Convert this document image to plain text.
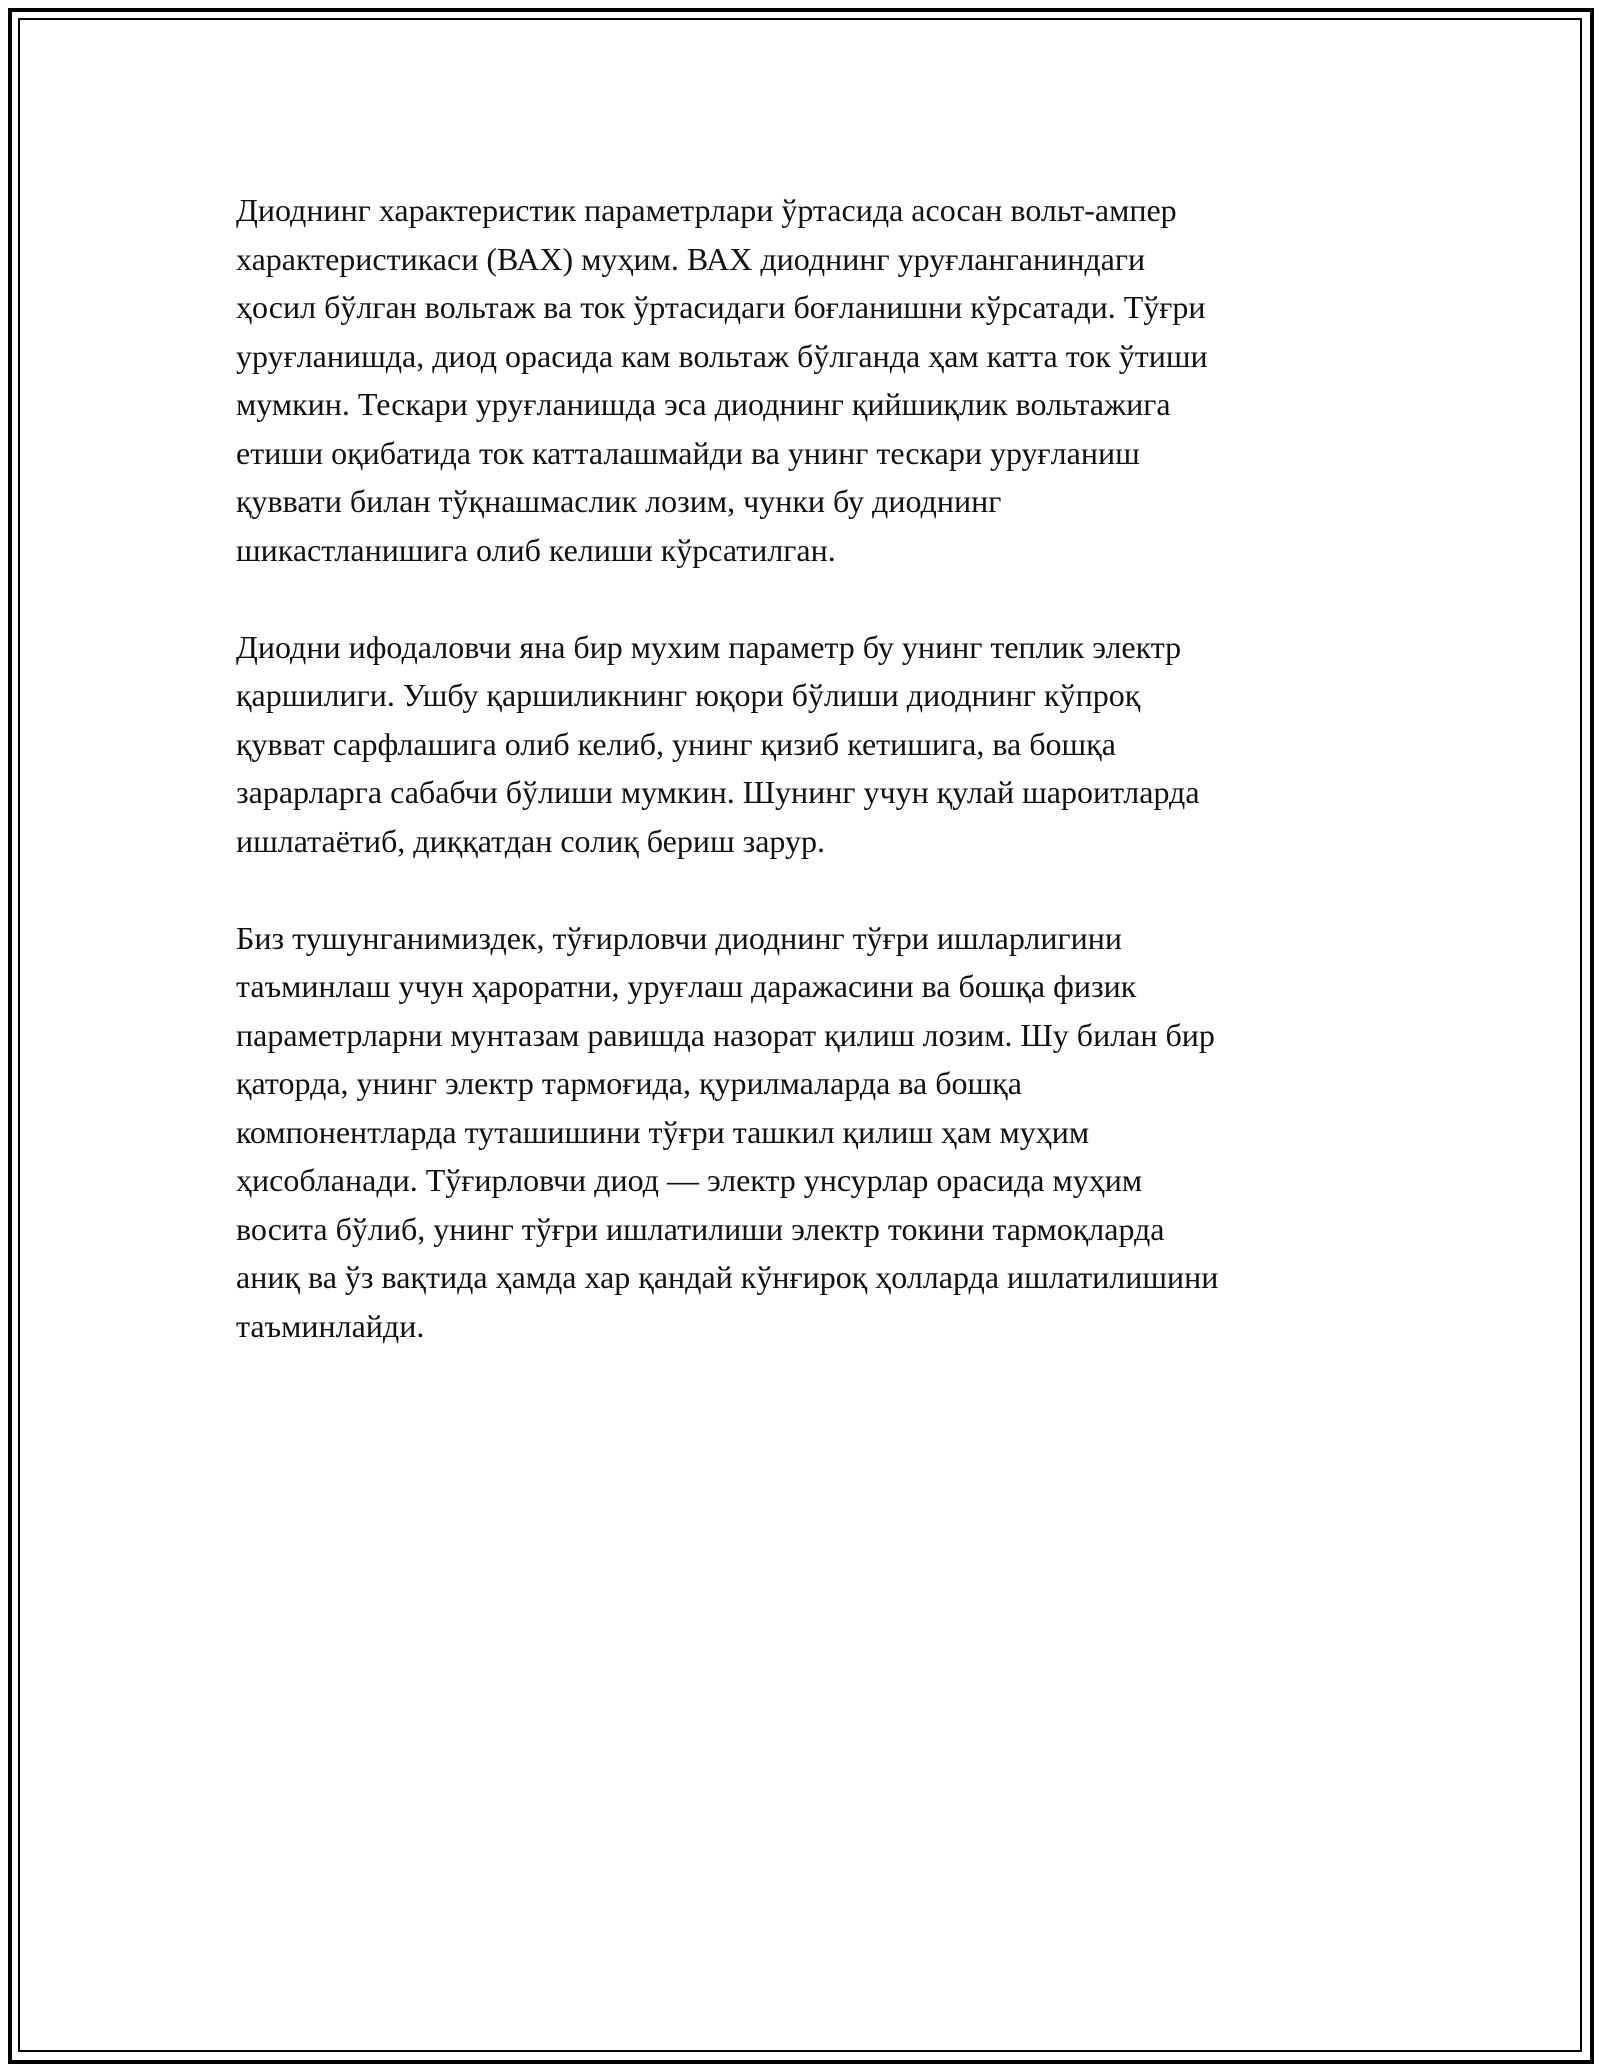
Диоднинг характеристик параметрлари ўртасида асосан вольт-ампер
характеристикаси (ВАХ) муҳим. ВАХ диоднинг уруғланганиндаги
ҳосил бўлган вольтаж ва ток ўртасидаги боғланишни кўрсатади. Тўғри
уруғланишда, диод орасида кам вольтаж бўлганда ҳам катта ток ўтиши
мумкин. Тескари уруғланишда эса диоднинг қийшиқлик вольтажига
етиши оқибатида ток катталашмайди ва унинг тескари уруғланиш
қуввати билан тўқнашмаслик лозим, чунки бу диоднинг
шикастланишига олиб келиши кўрсатилган.

Диодни ифодаловчи яна бир мухим параметр бу унинг теплик электр
қаршилиги. Ушбу қаршиликнинг юқори бўлиши диоднинг кўпроқ
қувват сарфлашига олиб келиб, унинг қизиб кетишига, ва бошқа
зарарларга сабабчи бўлиши мумкин. Шунинг учун қулай шароитларда
ишлатаётиб, диққатдан солиқ бериш зарур.

Биз тушунганимиздек, тўғирловчи диоднинг тўғри ишларлигини
таъминлаш учун ҳароратни, уруғлаш даражасини ва бошқа физик
параметрларни мунтазам равишда назорат қилиш лозим. Шу билан бир
қаторда, унинг электр тармоғида, қурилмаларда ва бошқа
компонентларда туташишини тўғри ташкил қилиш ҳам муҳим
ҳисобланади. Тўғирловчи диод — электр унсурлар орасида муҳим
восита бўлиб, унинг тўғри ишлатилиши электр токини тармоқларда
аниқ ва ўз вақтида ҳамда хар қандай кўнғироқ ҳолларда ишлатилишини
таъминлайди.
